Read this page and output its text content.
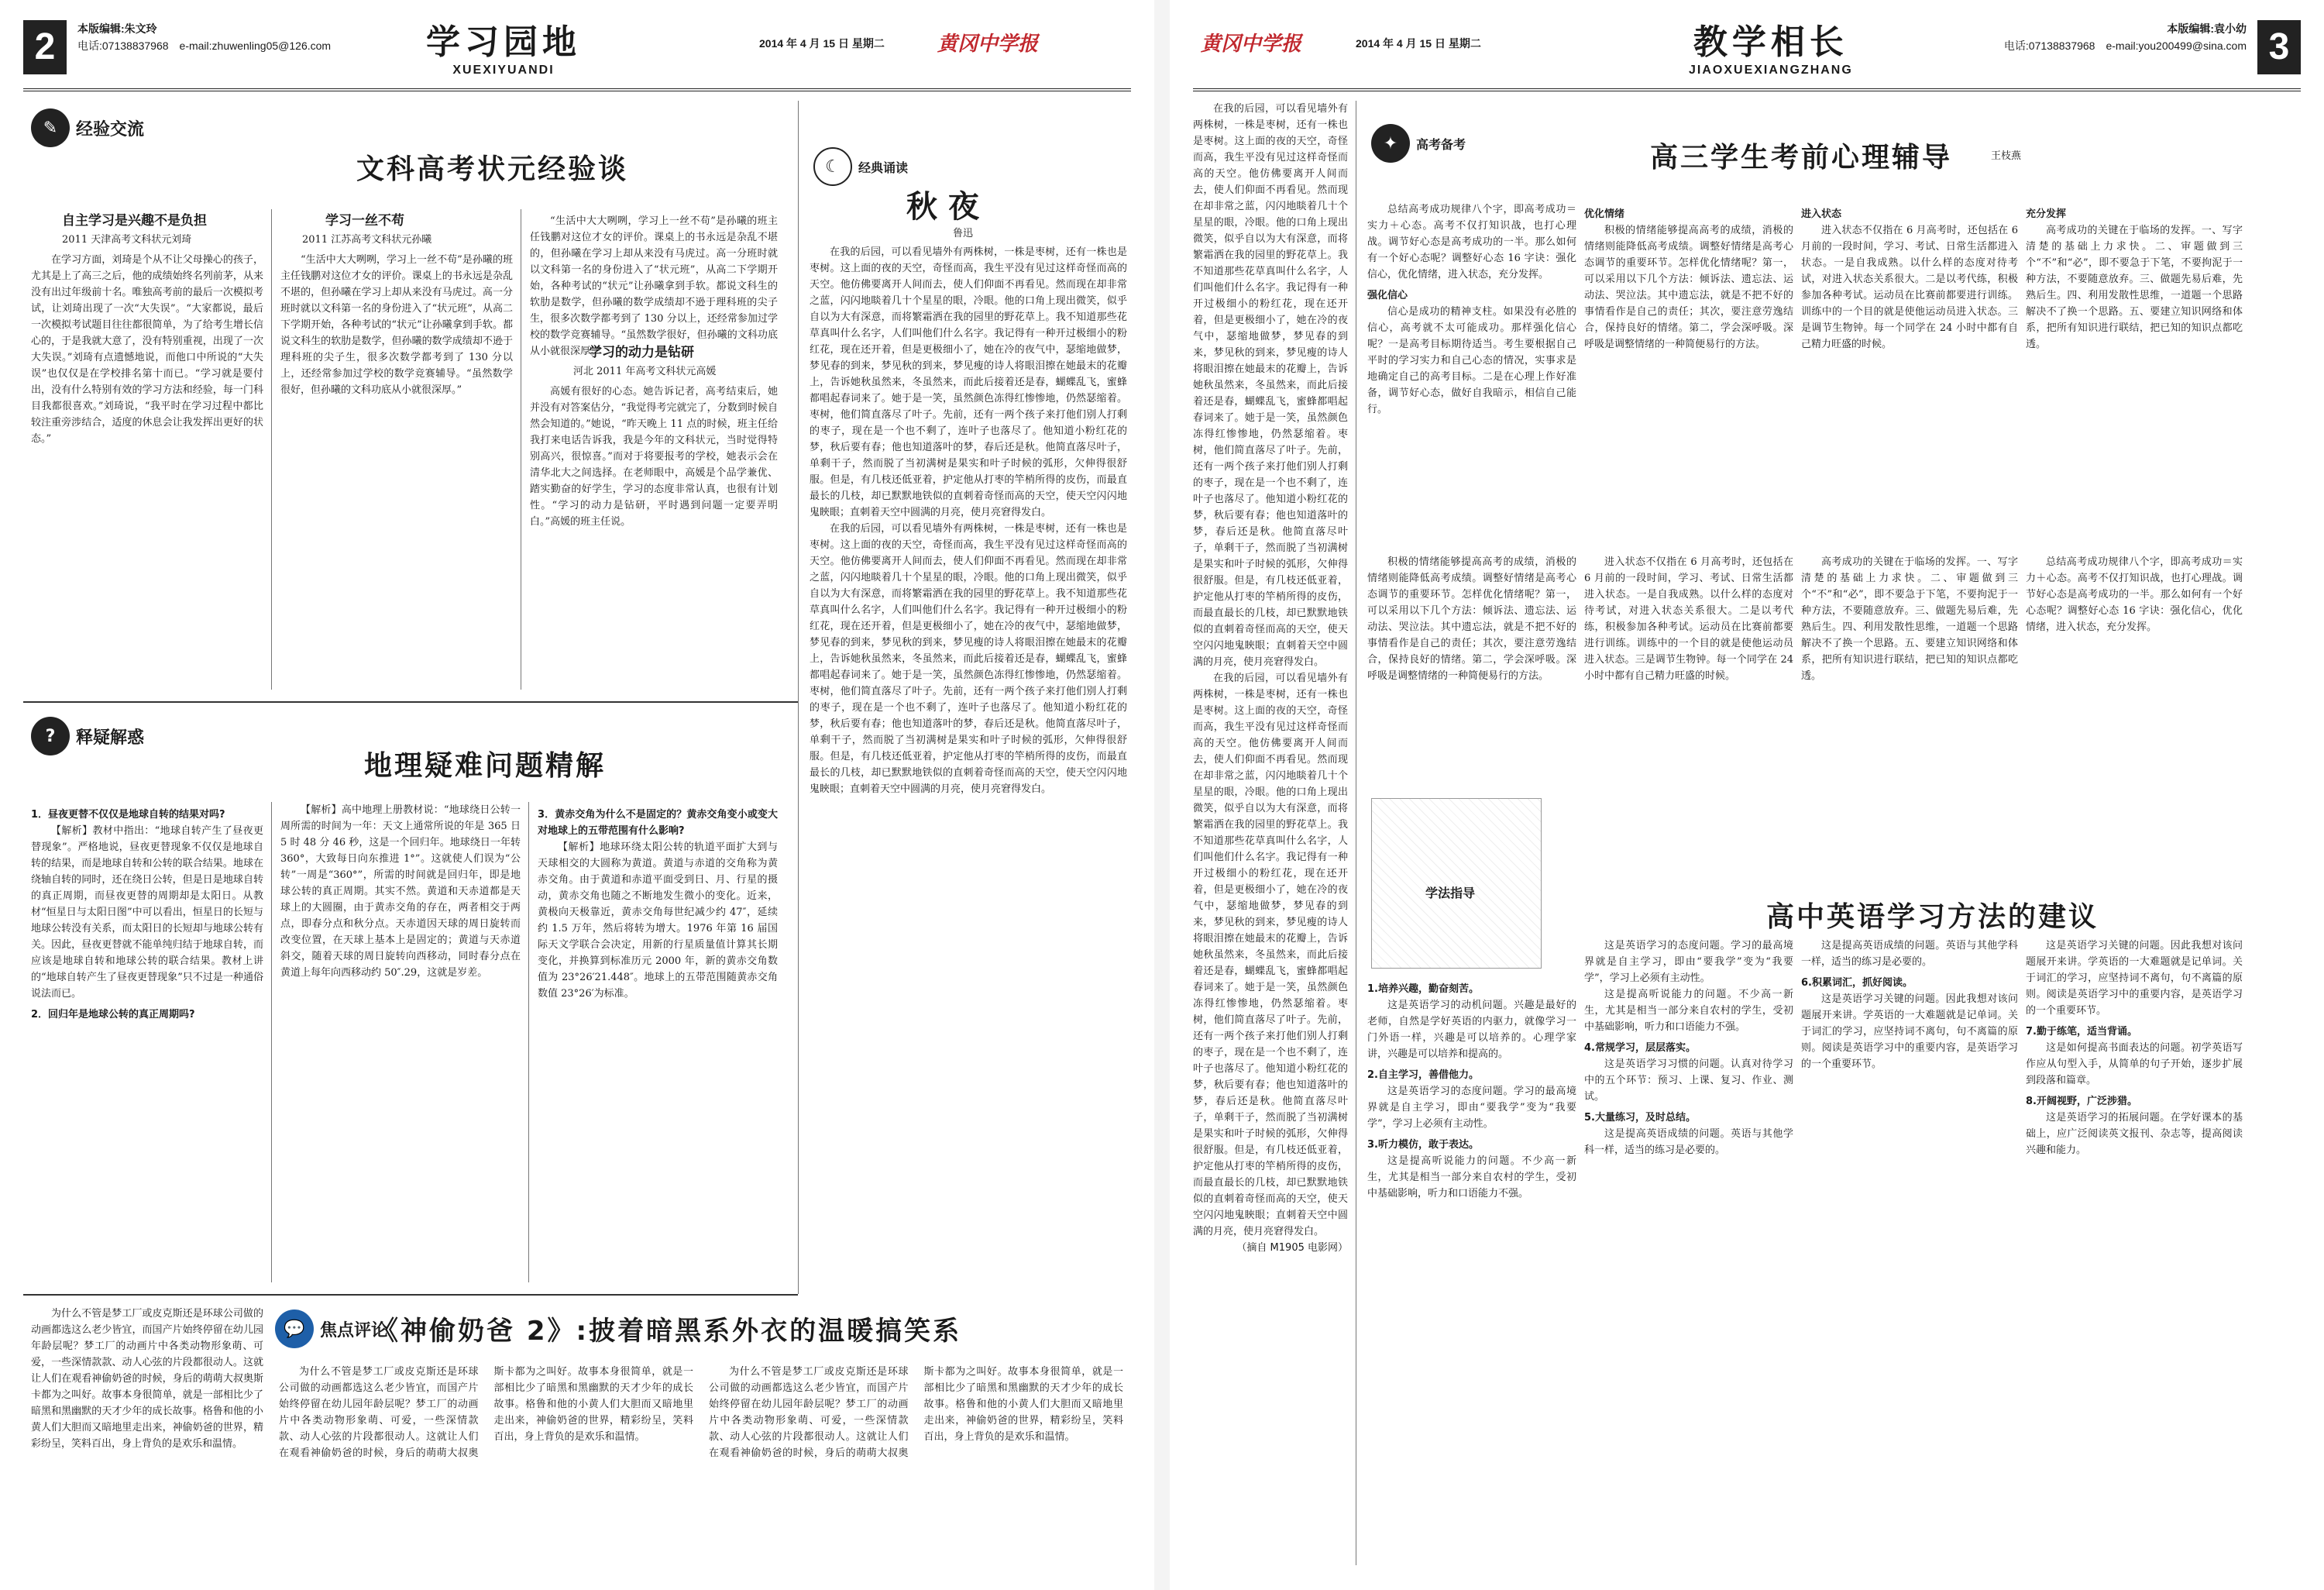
2	本版编辑:朱文玲
电话:07138837968　e-mail:zhuwenling05@126.com	学习园地
XUEXIYUANDI
2014 年 4 月 15 日 星期二	黄冈中学报
✎	经验交流
文科高考状元经验谈
自主学习是兴趣不是负担
2011 天津高考文科状元刘琦

在学习方面，刘琦是个从不让父母操心的孩子，尤其是上了高三之后，他的成绩始终名列前茅，从来没有出过年级前十名。唯独高考前的最后一次模拟考试，让刘琦出现了一次“大失误”。“大家都说，最后一次模拟考试题目往往都很简单，为了给考生增长信心的，于是我就大意了，没有特别重视，出现了一次大失误。”刘琦有点遗憾地说，而他口中所说的“大失误”也仅仅是在学校排名第十而已。“学习就是要付出，没有什么特别有效的学习方法和经验，每一门科目我都很喜欢。”刘琦说，“我平时在学习过程中都比较注重旁涉结合，适度的休息会让我发挥出更好的状态。”

学习一丝不苟
2011 江苏高考文科状元孙曦

“生活中大大咧咧，学习上一丝不苟”是孙曦的班主任钱鹏对这位才女的评价。课桌上的书永远是杂乱不堪的，但孙曦在学习上却从来没有马虎过。高一分班时就以文科第一名的身份进入了“状元班”，从高二下学期开始，各种考试的“状元”让孙曦拿到手软。都说文科生的软肋是数学，但孙曦的数学成绩却不逊于理科班的尖子生，很多次数学都考到了 130 分以上，还经常参加过学校的数学竞赛辅导。“虽然数学很好，但孙曦的文科功底从小就很深厚。”

学习的动力是钻研
河北 2011 年高考文科状元高媛

“生活中大大咧咧，学习上一丝不苟”是孙曦的班主任钱鹏对这位才女的评价。课桌上的书永远是杂乱不堪的，但孙曦在学习上却从来没有马虎过。高一分班时就以文科第一名的身份进入了“状元班”，从高二下学期开始，各种考试的“状元”让孙曦拿到手软。都说文科生的软肋是数学，但孙曦的数学成绩却不逊于理科班的尖子生，很多次数学都考到了 130 分以上，还经常参加过学校的数学竞赛辅导。“虽然数学很好，但孙曦的文科功底从小就很深厚。”

高媛有很好的心态。她告诉记者，高考结束后，她并没有对答案估分，“我觉得考完就完了，分数到时候自然会知道的。”她说，“昨天晚上 11 点的时候，班主任给我打来电话告诉我，我是今年的文科状元，当时觉得特别高兴，很惊喜。”而对于将要报考的学校，她表示会在清华北大之间选择。在老师眼中，高媛是个品学兼优、踏实勤奋的好学生，学习的态度非常认真，也很有计划性。“学习的动力是钻研，平时遇到问题一定要弄明白。”高媛的班主任说。

?	释疑解惑
地理疑难问题精解

1．昼夜更替不仅仅是地球自转的结果对吗?

【解析】教材中指出：“地球自转产生了昼夜更替现象”。严格地说，昼夜更替现象不仅仅是地球自转的结果，而是地球自转和公转的联合结果。地球在绕轴自转的同时，还在绕日公转，但是日是地球自转的真正周期，而昼夜更替的周期却是太阳日。从教材“恒星日与太阳日图”中可以看出，恒星日的长短与地球公转没有关系，而太阳日的长短却与地球公转有关。因此，昼夜更替就不能单纯归结于地球自转，而应该是地球自转和地球公转的联合结果。教材上讲的“地球自转产生了昼夜更替现象”只不过是一种通俗说法而已。

2．回归年是地球公转的真正周期吗?

【解析】高中地理上册教材说：“地球绕日公转一周所需的时间为一年：天文上通常所说的年是 365 日 5 时 48 分 46 秒，这是一个回归年。地球绕日一年转 360°，大致每日向东推进 1°”。这就使人们误为“公转”一周是“360°”，所需的时间就是回归年，即是地球公转的真正周期。其实不然。黄道和天赤道都是天球上的大圆圈，由于黄赤交角的存在，两者相交于两点，即春分点和秋分点。天赤道因天球的周日旋转而改变位置，在天球上基本上是固定的；黄道与天赤道斜交，随着天球的周日旋转向西移动，同时春分点在黄道上每年向西移动约 50″.29，这就是岁差。

3．黄赤交角为什么不是固定的？黄赤交角变小或变大对地球上的五带范围有什么影响?

【解析】地球环绕太阳公转的轨道平面扩大到与天球相交的大圆称为黄道。黄道与赤道的交角称为黄赤交角。由于黄道和赤道平面受到日、月、行星的摄动，黄赤交角也随之不断地发生微小的变化。近来，黄极向天极靠近，黄赤交角每世纪减少约 47″，延续约 1.5 万年，然后将转为增大。1976 年第 16 届国际天文学联合会决定，用新的行星质量值计算其长期变化，并换算到标准历元 2000 年，新的黄赤交角数值为 23°26′21.448″。地球上的五带范围随黄赤交角数值 23°26′为标准。

为什么不管是梦工厂或皮克斯还是环球公司做的动画都选这么老少皆宜，而国产片始终停留在幼儿园年龄层呢？梦工厂的动画片中各类动物形象萌、可爱，一些深情款款、动人心弦的片段都很动人。这就让人们在观看神偷奶爸的时候，身后的萌萌大叔奥斯卡都为之叫好。故事本身很简单，就是一部相比少了暗黑和黑幽默的天才少年的成长故事。格鲁和他的小黄人们大胆而又暗地里走出来，神偷奶爸的世界，精彩纷呈，笑料百出，身上背负的是欢乐和温情。

💬 焦点评论
《神偷奶爸 2》:披着暗黑系外衣的温暖搞笑系

为什么不管是梦工厂或皮克斯还是环球公司做的动画都选这么老少皆宜，而国产片始终停留在幼儿园年龄层呢？梦工厂的动画片中各类动物形象萌、可爱，一些深情款款、动人心弦的片段都很动人。这就让人们在观看神偷奶爸的时候，身后的萌萌大叔奥斯卡都为之叫好。故事本身很简单，就是一部相比少了暗黑和黑幽默的天才少年的成长故事。格鲁和他的小黄人们大胆而又暗地里走出来，神偷奶爸的世界，精彩纷呈，笑料百出，身上背负的是欢乐和温情。

为什么不管是梦工厂或皮克斯还是环球公司做的动画都选这么老少皆宜，而国产片始终停留在幼儿园年龄层呢？梦工厂的动画片中各类动物形象萌、可爱，一些深情款款、动人心弦的片段都很动人。这就让人们在观看神偷奶爸的时候，身后的萌萌大叔奥斯卡都为之叫好。故事本身很简单，就是一部相比少了暗黑和黑幽默的天才少年的成长故事。格鲁和他的小黄人们大胆而又暗地里走出来，神偷奶爸的世界，精彩纷呈，笑料百出，身上背负的是欢乐和温情。

☾	经典诵读
秋夜
鲁迅

在我的后园，可以看见墙外有两株树，一株是枣树，还有一株也是枣树。这上面的夜的天空，奇怪而高，我生平没有见过这样奇怪而高的天空。他仿佛要离开人间而去，使人们仰面不再看见。然而现在却非常之蓝，闪闪地睒着几十个星星的眼，冷眼。他的口角上现出微笑，似乎自以为大有深意，而将繁霜洒在我的园里的野花草上。我不知道那些花草真叫什么名字，人们叫他们什么名字。我记得有一种开过极细小的粉红花，现在还开着，但是更极细小了，她在冷的夜气中，瑟缩地做梦，梦见春的到来，梦见秋的到来，梦见瘦的诗人将眼泪擦在她最末的花瓣上，告诉她秋虽然来，冬虽然来，而此后接着还是春，蝴蝶乱飞，蜜蜂都唱起春词来了。她于是一笑，虽然颜色冻得红惨惨地，仍然瑟缩着。枣树，他们简直落尽了叶子。先前，还有一两个孩子来打他们别人打剩的枣子，现在是一个也不剩了，连叶子也落尽了。他知道小粉红花的梦，秋后要有春；他也知道落叶的梦，春后还是秋。他简直落尽叶子，单剩干子，然而脱了当初满树是果实和叶子时候的弧形，欠伸得很舒服。但是，有几枝还低亚着，护定他从打枣的竿梢所得的皮伤，而最直最长的几枝，却已默默地铁似的直刺着奇怪而高的天空，使天空闪闪地鬼䀹眼；直刺着天空中圆满的月亮，使月亮窘得发白。

在我的后园，可以看见墙外有两株树，一株是枣树，还有一株也是枣树。这上面的夜的天空，奇怪而高，我生平没有见过这样奇怪而高的天空。他仿佛要离开人间而去，使人们仰面不再看见。然而现在却非常之蓝，闪闪地睒着几十个星星的眼，冷眼。他的口角上现出微笑，似乎自以为大有深意，而将繁霜洒在我的园里的野花草上。我不知道那些花草真叫什么名字，人们叫他们什么名字。我记得有一种开过极细小的粉红花，现在还开着，但是更极细小了，她在冷的夜气中，瑟缩地做梦，梦见春的到来，梦见秋的到来，梦见瘦的诗人将眼泪擦在她最末的花瓣上，告诉她秋虽然来，冬虽然来，而此后接着还是春，蝴蝶乱飞，蜜蜂都唱起春词来了。她于是一笑，虽然颜色冻得红惨惨地，仍然瑟缩着。枣树，他们简直落尽了叶子。先前，还有一两个孩子来打他们别人打剩的枣子，现在是一个也不剩了，连叶子也落尽了。他知道小粉红花的梦，秋后要有春；他也知道落叶的梦，春后还是秋。他简直落尽叶子，单剩干子，然而脱了当初满树是果实和叶子时候的弧形，欠伸得很舒服。但是，有几枝还低亚着，护定他从打枣的竿梢所得的皮伤，而最直最长的几枝，却已默默地铁似的直刺着奇怪而高的天空，使天空闪闪地鬼䀹眼；直刺着天空中圆满的月亮，使月亮窘得发白。

黄冈中学报	2014 年 4 月 15 日 星期二	教学相长
JIAOXUEXIANGZHANG
本版编辑:袁小幼
电话:07138837968　e-mail:you200499@sina.com 3

在我的后园，可以看见墙外有两株树，一株是枣树，还有一株也是枣树。这上面的夜的天空，奇怪而高，我生平没有见过这样奇怪而高的天空。他仿佛要离开人间而去，使人们仰面不再看见。然而现在却非常之蓝，闪闪地睒着几十个星星的眼，冷眼。他的口角上现出微笑，似乎自以为大有深意，而将繁霜洒在我的园里的野花草上。我不知道那些花草真叫什么名字，人们叫他们什么名字。我记得有一种开过极细小的粉红花，现在还开着，但是更极细小了，她在冷的夜气中，瑟缩地做梦，梦见春的到来，梦见秋的到来，梦见瘦的诗人将眼泪擦在她最末的花瓣上，告诉她秋虽然来，冬虽然来，而此后接着还是春，蝴蝶乱飞，蜜蜂都唱起春词来了。她于是一笑，虽然颜色冻得红惨惨地，仍然瑟缩着。枣树，他们简直落尽了叶子。先前，还有一两个孩子来打他们别人打剩的枣子，现在是一个也不剩了，连叶子也落尽了。他知道小粉红花的梦，秋后要有春；他也知道落叶的梦，春后还是秋。他简直落尽叶子，单剩干子，然而脱了当初满树是果实和叶子时候的弧形，欠伸得很舒服。但是，有几枝还低亚着，护定他从打枣的竿梢所得的皮伤，而最直最长的几枝，却已默默地铁似的直刺着奇怪而高的天空，使天空闪闪地鬼䀹眼；直刺着天空中圆满的月亮，使月亮窘得发白。

在我的后园，可以看见墙外有两株树，一株是枣树，还有一株也是枣树。这上面的夜的天空，奇怪而高，我生平没有见过这样奇怪而高的天空。他仿佛要离开人间而去，使人们仰面不再看见。然而现在却非常之蓝，闪闪地睒着几十个星星的眼，冷眼。他的口角上现出微笑，似乎自以为大有深意，而将繁霜洒在我的园里的野花草上。我不知道那些花草真叫什么名字，人们叫他们什么名字。我记得有一种开过极细小的粉红花，现在还开着，但是更极细小了，她在冷的夜气中，瑟缩地做梦，梦见春的到来，梦见秋的到来，梦见瘦的诗人将眼泪擦在她最末的花瓣上，告诉她秋虽然来，冬虽然来，而此后接着还是春，蝴蝶乱飞，蜜蜂都唱起春词来了。她于是一笑，虽然颜色冻得红惨惨地，仍然瑟缩着。枣树，他们简直落尽了叶子。先前，还有一两个孩子来打他们别人打剩的枣子，现在是一个也不剩了，连叶子也落尽了。他知道小粉红花的梦，秋后要有春；他也知道落叶的梦，春后还是秋。他简直落尽叶子，单剩干子，然而脱了当初满树是果实和叶子时候的弧形，欠伸得很舒服。但是，有几枝还低亚着，护定他从打枣的竿梢所得的皮伤，而最直最长的几枝，却已默默地铁似的直刺着奇怪而高的天空，使天空闪闪地鬼䀹眼；直刺着天空中圆满的月亮，使月亮窘得发白。

（摘自 M1905 电影网）

✦	高考备考	高三学生考前心理辅导	王枝燕

总结高考成功规律八个字，即高考成功＝实力＋心态。高考不仅打知识战，也打心理战。调节好心态是高考成功的一半。那么如何有一个好心态呢？调整好心态 16 字诀：强化信心，优化情绪，进入状态，充分发挥。

强化信心

信心是成功的精神支柱。如果没有必胜的信心，高考就不太可能成功。那样强化信心呢？一是高考目标期待适当。考生要根据自己平时的学习实力和自己心态的情况，实事求是地确定自己的高考目标。二是在心理上作好准备，调节好心态，做好自我暗示，相信自己能行。

优化情绪

积极的情绪能够提高高考的成绩，消极的情绪则能降低高考成绩。调整好情绪是高考心态调节的重要环节。怎样优化情绪呢？第一，可以采用以下几个方法：倾诉法、遗忘法、运动法、哭泣法。其中遗忘法，就是不把不好的事情看作是自己的责任；其次，要注意劳逸结合，保持良好的情绪。第二，学会深呼吸。深呼吸是调整情绪的一种简便易行的方法。

进入状态

进入状态不仅指在 6 月高考时，还包括在 6 月前的一段时间，学习、考试、日常生活都进入状态。一是自我成熟。以什么样的态度对待考试，对进入状态关系很大。二是以考代练，积极参加各种考试。运动员在比赛前都要进行训练。训练中的一个目的就是使他运动员进入状态。三是调节生物钟。每一个同学在 24 小时中都有自己精力旺盛的时候。

充分发挥

高考成功的关键在于临场的发挥。一、写字清楚的基础上力求快。二、审题做到三个“不”和“必”，即不要急于下笔，不要拘泥于一种方法，不要随意放弃。三、做题先易后难，先熟后生。四、利用发散性思维，一道题一个思路解决不了换一个思路。五、要建立知识网络和体系，把所有知识进行联结，把已知的知识点都吃透。

积极的情绪能够提高高考的成绩，消极的情绪则能降低高考成绩。调整好情绪是高考心态调节的重要环节。怎样优化情绪呢？第一，可以采用以下几个方法：倾诉法、遗忘法、运动法、哭泣法。其中遗忘法，就是不把不好的事情看作是自己的责任；其次，要注意劳逸结合，保持良好的情绪。第二，学会深呼吸。深呼吸是调整情绪的一种简便易行的方法。

进入状态不仅指在 6 月高考时，还包括在 6 月前的一段时间，学习、考试、日常生活都进入状态。一是自我成熟。以什么样的态度对待考试，对进入状态关系很大。二是以考代练，积极参加各种考试。运动员在比赛前都要进行训练。训练中的一个目的就是使他运动员进入状态。三是调节生物钟。每一个同学在 24 小时中都有自己精力旺盛的时候。

高考成功的关键在于临场的发挥。一、写字清楚的基础上力求快。二、审题做到三个“不”和“必”，即不要急于下笔，不要拘泥于一种方法，不要随意放弃。三、做题先易后难，先熟后生。四、利用发散性思维，一道题一个思路解决不了换一个思路。五、要建立知识网络和体系，把所有知识进行联结，把已知的知识点都吃透。

总结高考成功规律八个字，即高考成功＝实力＋心态。高考不仅打知识战，也打心理战。调节好心态是高考成功的一半。那么如何有一个好心态呢？调整好心态 16 字诀：强化信心，优化情绪，进入状态，充分发挥。

学法指导
高中英语学习方法的建议

1.培养兴趣，勤奋刻苦。

这是英语学习的动机问题。兴趣是最好的老师，自然是学好英语的内驱力，就像学习一门外语一样，兴趣是可以培养的。心理学家讲，兴趣是可以培养和提高的。

2.自主学习，善借他力。

这是英语学习的态度问题。学习的最高境界就是自主学习，即由“要我学”变为“我要学”，学习上必须有主动性。

3.听力模仿，敢于表达。

这是提高听说能力的问题。不少高一新生，尤其是相当一部分来自农村的学生，受初中基础影响，听力和口语能力不强。

这是英语学习的态度问题。学习的最高境界就是自主学习，即由“要我学”变为“我要学”，学习上必须有主动性。

这是提高听说能力的问题。不少高一新生，尤其是相当一部分来自农村的学生，受初中基础影响，听力和口语能力不强。

4.常规学习，层层落实。

这是英语学习习惯的问题。认真对待学习中的五个环节：预习、上课、复习、作业、测试。

5.大量练习，及时总结。

这是提高英语成绩的问题。英语与其他学科一样，适当的练习是必要的。

这是提高英语成绩的问题。英语与其他学科一样，适当的练习是必要的。

6.积累词汇，抓好阅读。

这是英语学习关键的问题。因此我想对该问题展开来讲。学英语的一大难题就是记单词。关于词汇的学习，应坚持词不离句，句不离篇的原则。阅读是英语学习中的重要内容，是英语学习的一个重要环节。

这是英语学习关键的问题。因此我想对该问题展开来讲。学英语的一大难题就是记单词。关于词汇的学习，应坚持词不离句，句不离篇的原则。阅读是英语学习中的重要内容，是英语学习的一个重要环节。

7.勤于练笔，适当背诵。

这是如何提高书面表达的问题。初学英语写作应从句型入手，从简单的句子开始，逐步扩展到段落和篇章。

8.开阔视野，广泛涉猎。

这是英语学习的拓展问题。在学好课本的基础上，应广泛阅读英文报刊、杂志等，提高阅读兴趣和能力。
